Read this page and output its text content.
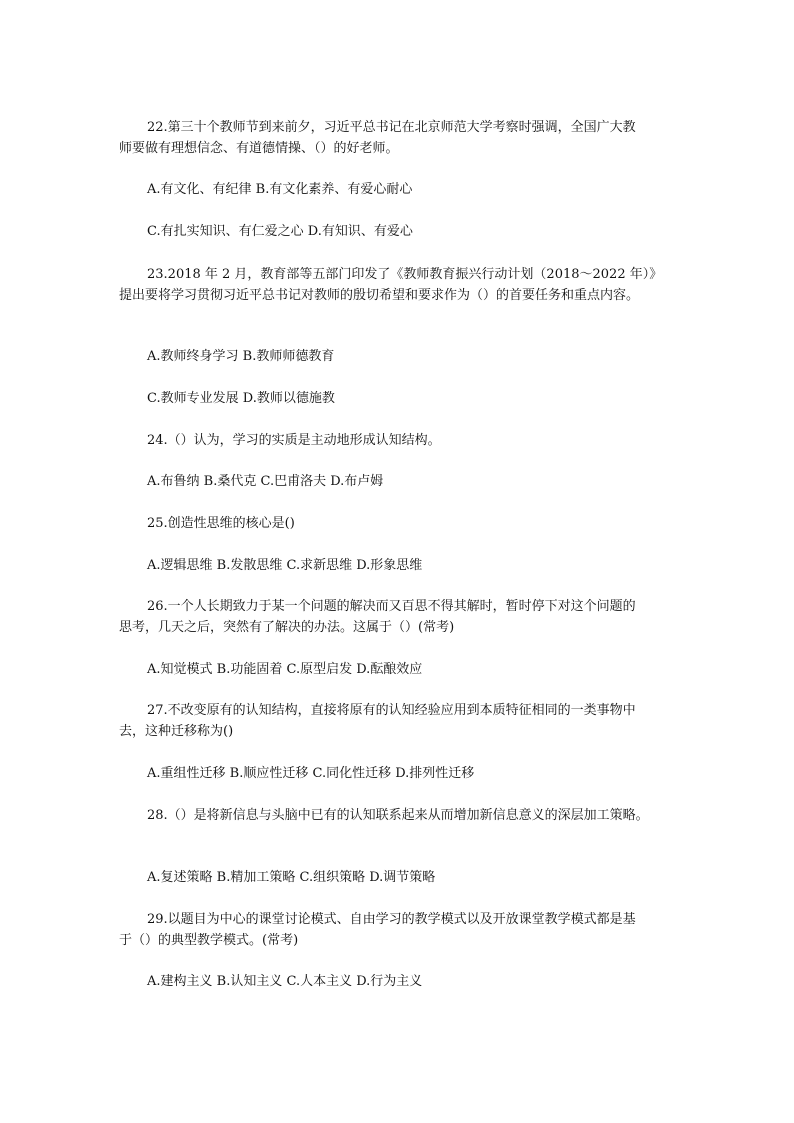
22.第三十个教师节到来前夕，习近平总书记在北京师范大学考察时强调，全国广大教
师要做有理想信念、有道德情操、（）的好老师。
A.有文化、有纪律 B.有文化素养、有爱心耐心
C.有扎实知识、有仁爱之心 D.有知识、有爱心
23.2018 年 2 月，教育部等五部门印发了《教师教育振兴行动计划（2018～2022 年）》
提出要将学习贯彻习近平总书记对教师的殷切希望和要求作为（）的首要任务和重点内容。
A.教师终身学习 B.教师师德教育
C.教师专业发展 D.教师以德施教
24.（）认为，学习的实质是主动地形成认知结构。
A.布鲁纳 B.桑代克 C.巴甫洛夫 D.布卢姆
25.创造性思维的核心是()
A.逻辑思维 B.发散思维 C.求新思维 D.形象思维
26.一个人长期致力于某一个问题的解决而又百思不得其解时，暂时停下对这个问题的
思考，几天之后，突然有了解决的办法。这属于（）(常考)
A.知觉模式 B.功能固着 C.原型启发 D.酝酿效应
27.不改变原有的认知结构，直接将原有的认知经验应用到本质特征相同的一类事物中
去，这种迁移称为()
A.重组性迁移 B.顺应性迁移 C.同化性迁移 D.排列性迁移
28.（）是将新信息与头脑中已有的认知联系起来从而增加新信息意义的深层加工策略。
A.复述策略 B.精加工策略 C.组织策略 D.调节策略
29.以题目为中心的课堂讨论模式、自由学习的教学模式以及开放课堂教学模式都是基
于（）的典型教学模式。(常考)
A.建构主义 B.认知主义 C.人本主义 D.行为主义
